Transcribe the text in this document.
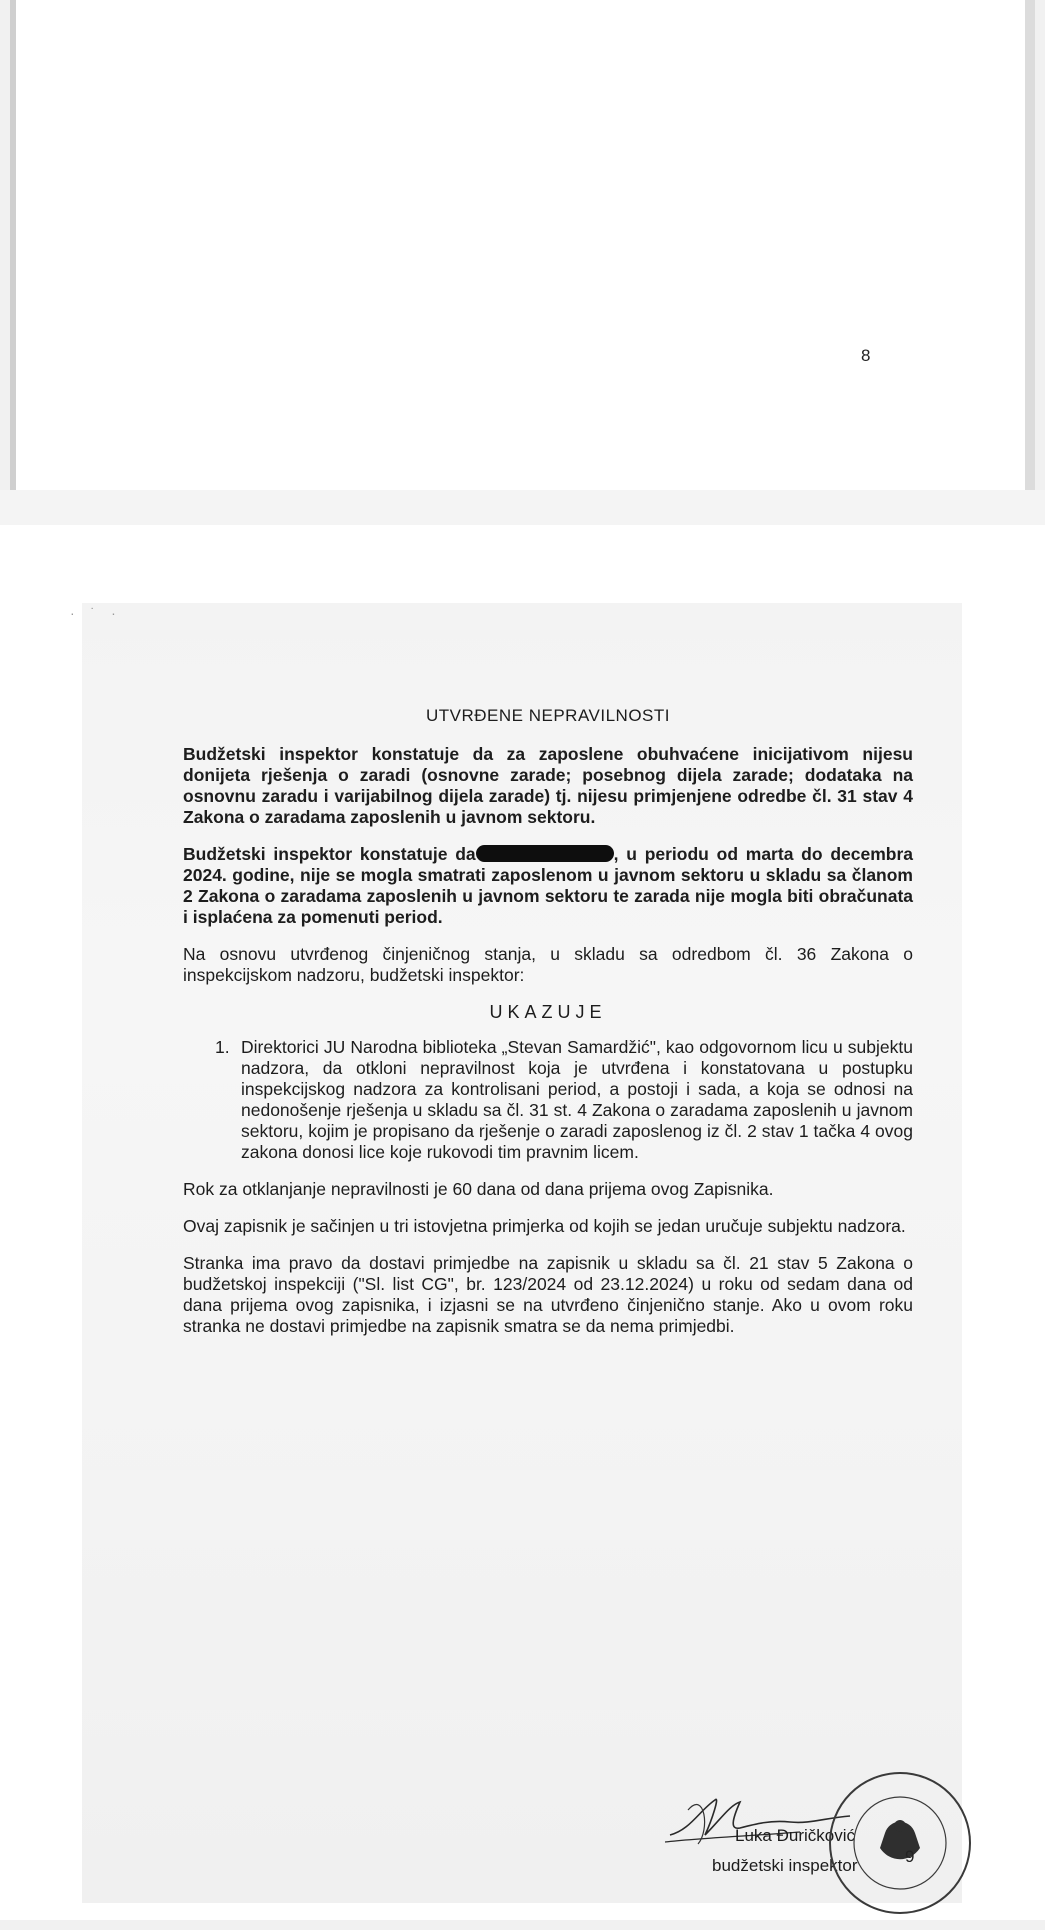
8
· ˙ ·
UTVRĐENE NEPRAVILNOSTI

Budžetski inspektor konstatuje da za zaposlene obuhvaćene inicijativom nijesu donijeta rješenja o zaradi (osnovne zarade; posebnog dijela zarade; dodataka na osnovnu zaradu i varijabilnog dijela zarade) tj. nijesu primjenjene odredbe čl. 31 stav 4 Zakona o zaradama zaposlenih u javnom sektoru.

Budžetski inspektor konstatuje da	, u periodu od marta do decembra 2024. godine, nije se mogla smatrati zaposlenom u javnom sektoru u skladu sa članom 2 Zakona o zaradama zaposlenih u javnom sektoru te zarada nije mogla biti obračunata i isplaćena za pomenuti period.

Na osnovu utvrđenog činjeničnog stanja, u skladu sa odredbom čl. 36 Zakona o inspekcijskom nadzoru, budžetski inspektor:

UKAZUJE
1. Direktorici JU Narodna biblioteka „Stevan Samardžić", kao odgovornom licu u subjektu nadzora, da otkloni nepravilnost koja je utvrđena i konstatovana u postupku inspekcijskog nadzora za kontrolisani period, a postoji i sada, a koja se odnosi na nedonošenje rješenja u skladu sa čl. 31 st. 4 Zakona o zaradama zaposlenih u javnom sektoru, kojim je propisano da rješenje o zaradi zaposlenog iz čl. 2 stav 1 tačka 4 ovog zakona donosi lice koje rukovodi tim pravnim licem.

Rok za otklanjanje nepravilnosti je 60 dana od dana prijema ovog Zapisnika.

Ovaj zapisnik je sačinjen u tri istovjetna primjerka od kojih se jedan uručuje subjektu nadzora.

Stranka ima pravo da dostavi primjedbe na zapisnik u skladu sa čl. 21 stav 5 Zakona o budžetskoj inspekciji ("Sl. list CG", br. 123/2024 od 23.12.2024) u roku od sedam dana od dana prijema ovog zapisnika, i izjasni se na utvrđeno činjenično stanje. Ako u ovom roku stranka ne dostavi primjedbe na zapisnik smatra se da nema primjedbi.

Luka Đuričković
budžetski inspektor	9
